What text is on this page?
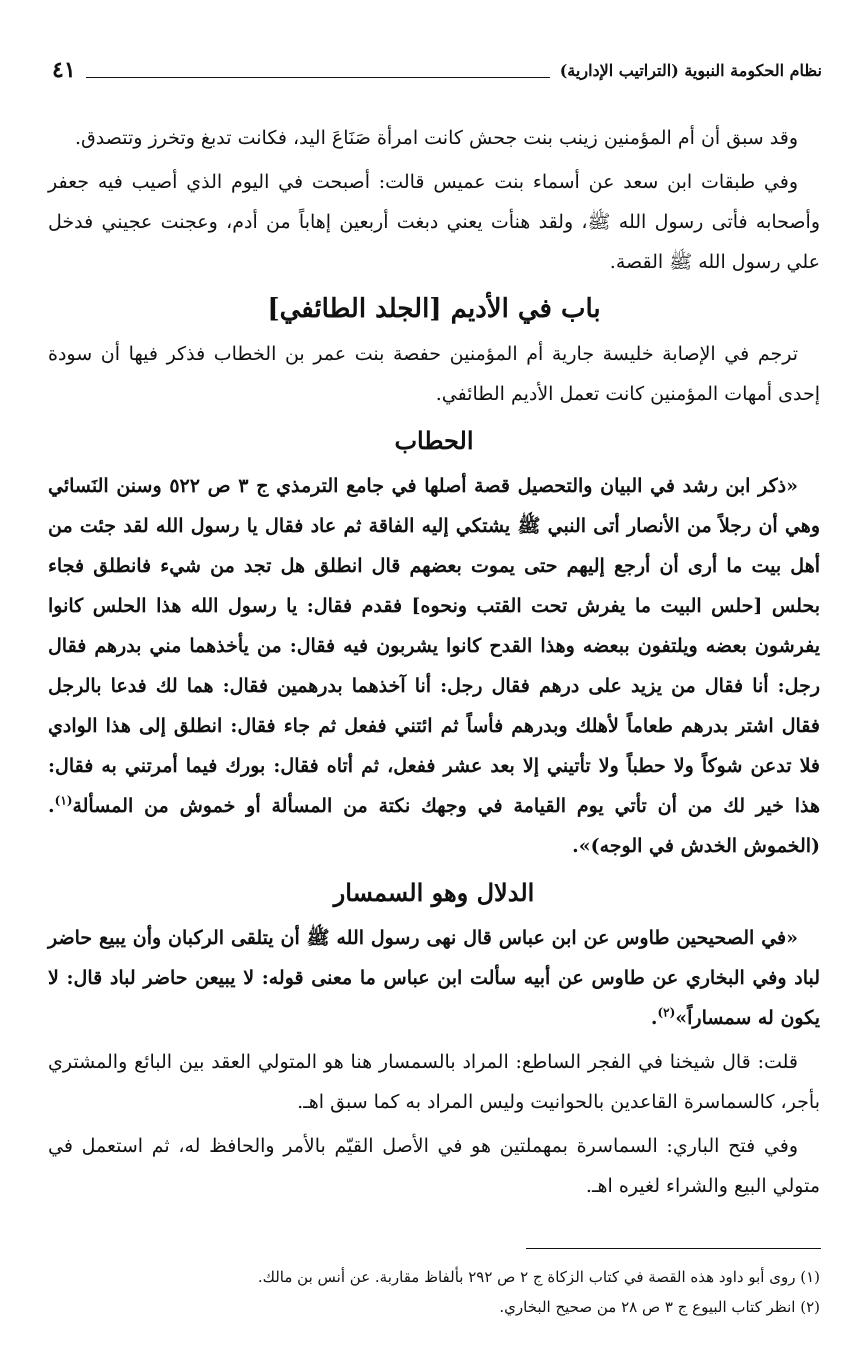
نظام الحكومة النبوية (التراتيب الإدارية)
٤١

وقد سبق أن أم المؤمنين زينب بنت جحش كانت امرأة صَنَاعَ اليد، فكانت تدبغ وتخرز وتتصدق.

وفي طبقات ابن سعد عن أسماء بنت عميس قالت: أصبحت في اليوم الذي أصيب فيه جعفر وأصحابه فأتى رسول الله ﷺ، ولقد هنأت يعني دبغت أربعين إهاباً من أدم، وعجنت عجيني فدخل علي رسول الله ﷺ القصة.

باب في الأديم [الجلد الطائفي]

ترجم في الإصابة خليسة جارية أم المؤمنين حفصة بنت عمر بن الخطاب فذكر فيها أن سودة إحدى أمهات المؤمنين كانت تعمل الأديم الطائفي.

الحطاب

«ذكر ابن رشد في البيان والتحصيل قصة أصلها في جامع الترمذي ج ٣ ص ٥٢٢ وسنن النَسائي وهي أن رجلاً من الأنصار أتى النبي ﷺ يشتكي إليه الفاقة ثم عاد فقال يا رسول الله لقد جئت من أهل بيت ما أرى أن أرجع إليهم حتى يموت بعضهم قال انطلق هل تجد من شيء فانطلق فجاء بحلس [حلس البيت ما يفرش تحت القتب ونحوه] فقدم فقال: يا رسول الله هذا الحلس كانوا يفرشون بعضه ويلتفون ببعضه وهذا القدح كانوا يشربون فيه فقال: من يأخذهما مني بدرهم فقال رجل: أنا فقال من يزيد على درهم فقال رجل: أنا آخذهما بدرهمين فقال: هما لك فدعا بالرجل فقال اشتر بدرهم طعاماً لأهلك وبدرهم فأساً ثم ائتني ففعل ثم جاء فقال: انطلق إلى هذا الوادي فلا تدعن شوكاً ولا حطباً ولا تأتيني إلا بعد عشر ففعل، ثم أتاه فقال: بورك فيما أمرتني به فقال: هذا خير لك من أن تأتي يوم القيامة في وجهك نكتة من المسألة أو خموش من المسألة$^{(١)}$. (الخموش الخدش في الوجه)».

الدلال وهو السمسار

«في الصحيحين طاوس عن ابن عباس قال نهى رسول الله ﷺ أن يتلقى الركبان وأن يبيع حاضر لباد وفي البخاري عن طاوس عن أبيه سألت ابن عباس ما معنى قوله: لا يبيعن حاضر لباد قال: لا يكون له سمساراً»$^{(٢)}$.

قلت: قال شيخنا في الفجر الساطع: المراد بالسمسار هنا هو المتولي العقد بين البائع والمشتري بأجر، كالسماسرة القاعدين بالحوانيت وليس المراد به كما سبق اهـ.

وفي فتح الباري: السماسرة بمهملتين هو في الأصل القيّم بالأمر والحافظ له، ثم استعمل في متولي البيع والشراء لغيره اهـ.

(١) روى أبو داود هذه القصة في كتاب الزكاة ج ٢ ص ٢٩٢ بألفاظ مقاربة. عن أنس بن مالك.

(٢) انظر كتاب البيوع ج ٣ ص ٢٨ من صحيح البخاري.
